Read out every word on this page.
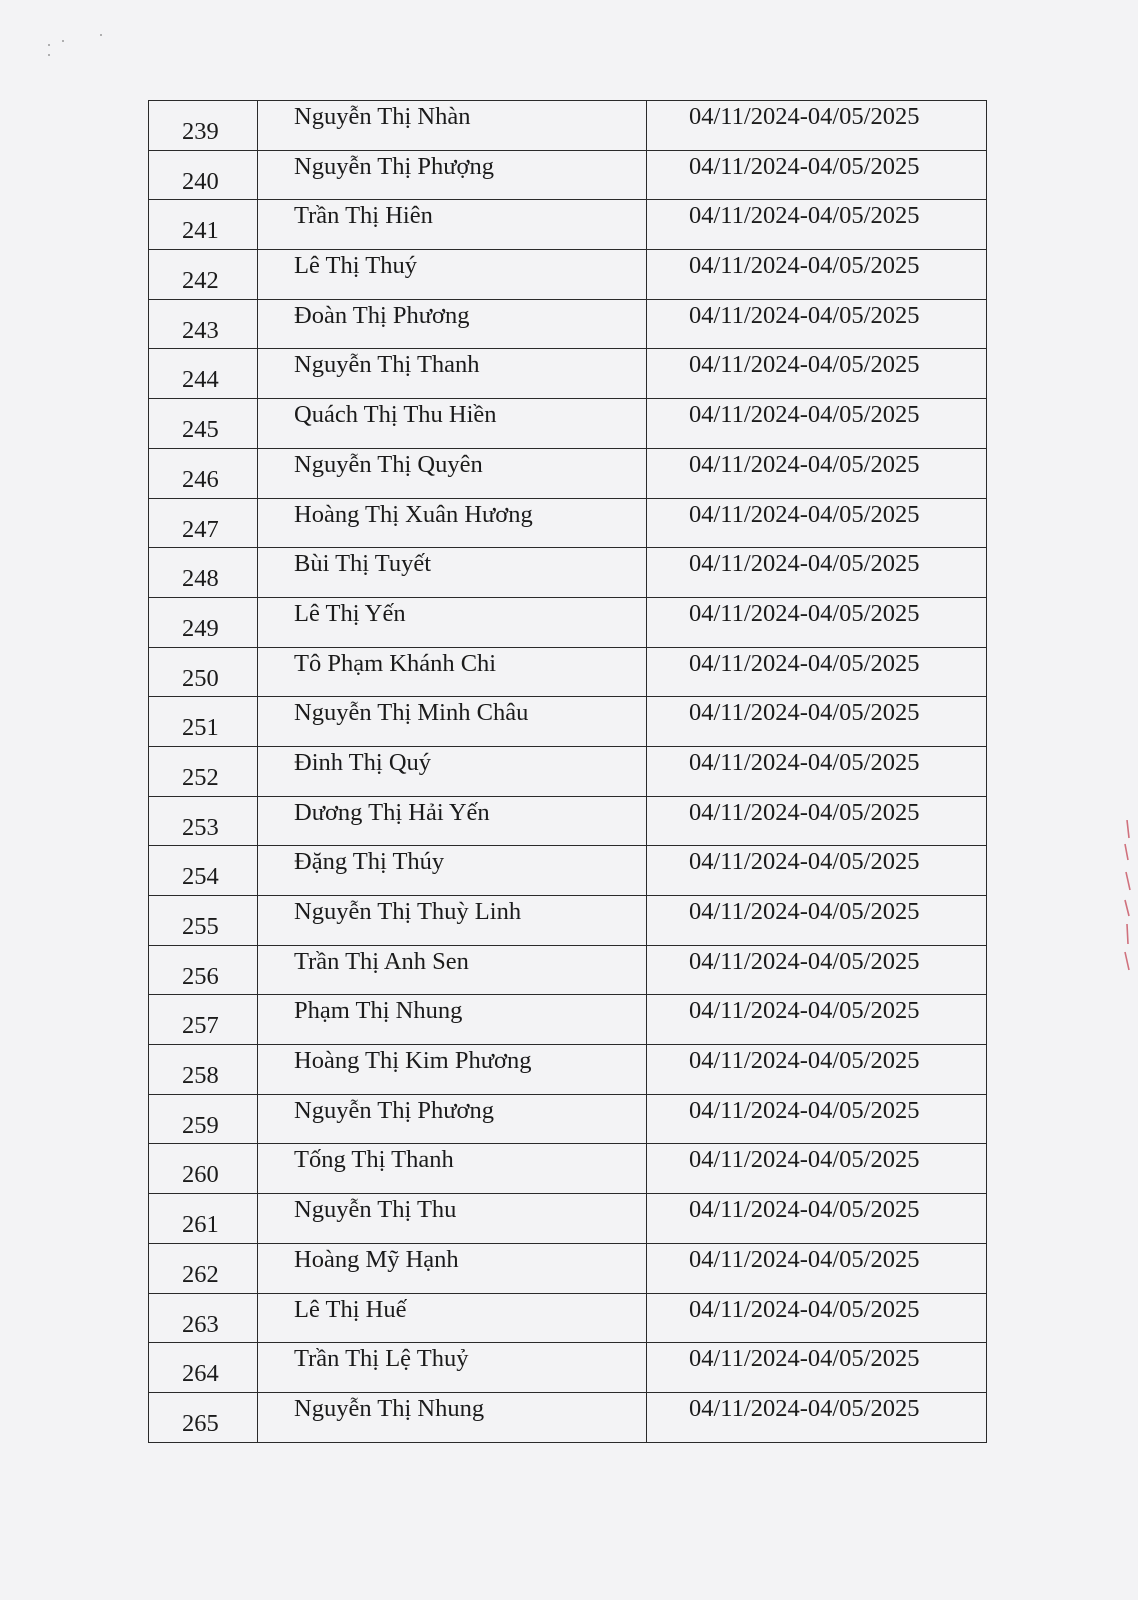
239	Nguyễn Thị Nhàn	04/11/2024-04/05/2025
240	Nguyễn Thị Phượng	04/11/2024-04/05/2025
241	Trần Thị Hiên	04/11/2024-04/05/2025
242	Lê Thị Thuý	04/11/2024-04/05/2025
243	Đoàn Thị Phương	04/11/2024-04/05/2025
244	Nguyễn Thị Thanh	04/11/2024-04/05/2025
245	Quách Thị Thu Hiền	04/11/2024-04/05/2025
246	Nguyễn Thị Quyên	04/11/2024-04/05/2025
247	Hoàng Thị Xuân Hương	04/11/2024-04/05/2025
248	Bùi Thị Tuyết	04/11/2024-04/05/2025
249	Lê Thị Yến	04/11/2024-04/05/2025
250	Tô Phạm Khánh Chi	04/11/2024-04/05/2025
251	Nguyễn Thị Minh Châu	04/11/2024-04/05/2025
252	Đinh Thị Quý	04/11/2024-04/05/2025
253	Dương Thị Hải Yến	04/11/2024-04/05/2025
254	Đặng Thị Thúy	04/11/2024-04/05/2025
255	Nguyễn Thị Thuỳ Linh	04/11/2024-04/05/2025
256	Trần Thị Anh Sen	04/11/2024-04/05/2025
257	Phạm Thị Nhung	04/11/2024-04/05/2025
258	Hoàng Thị Kim Phương	04/11/2024-04/05/2025
259	Nguyễn Thị Phương	04/11/2024-04/05/2025
260	Tống Thị Thanh	04/11/2024-04/05/2025
261	Nguyễn Thị Thu	04/11/2024-04/05/2025
262	Hoàng Mỹ Hạnh	04/11/2024-04/05/2025
263	Lê Thị Huế	04/11/2024-04/05/2025
264	Trần Thị Lệ Thuỷ	04/11/2024-04/05/2025
265	Nguyễn Thị Nhung	04/11/2024-04/05/2025
